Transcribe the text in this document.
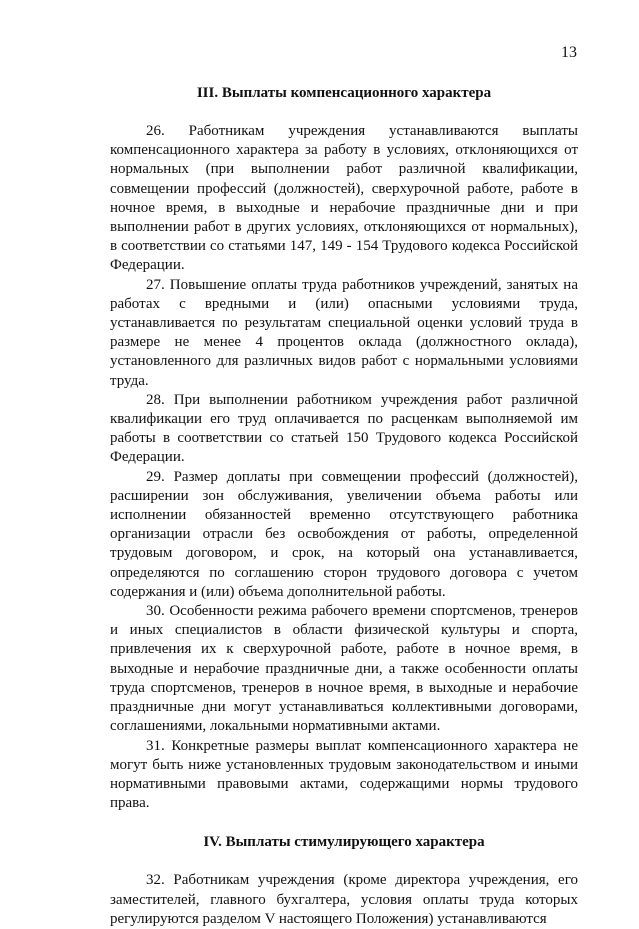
13
III. Выплаты компенсационного характера

26. Работникам учреждения устанавливаются выплаты компенсационного характера за работу в условиях, отклоняющихся от нормальных (при выполнении работ различной квалификации, совмещении профессий (должностей), сверхурочной работе, работе в ночное время, в выходные и нерабочие праздничные дни и при выполнении работ в других условиях, отклоняющихся от нормальных), в соответствии со статьями 147, 149 - 154 Трудового кодекса Российской Федерации.

27. Повышение оплаты труда работников учреждений, занятых на работах с вредными и (или) опасными условиями труда, устанавливается по результатам специальной оценки условий труда в размере не менее 4 процентов оклада (должностного оклада), установленного для различных видов работ с нормальными условиями труда.

28. При выполнении работником учреждения работ различной квалификации его труд оплачивается по расценкам выполняемой им работы в соответствии со статьей 150 Трудового кодекса Российской Федерации.

29. Размер доплаты при совмещении профессий (должностей), расширении зон обслуживания, увеличении объема работы или исполнении обязанностей временно отсутствующего работника организации отрасли без освобождения от работы, определенной трудовым договором, и срок, на который она устанавливается, определяются по соглашению сторон трудового договора с учетом содержания и (или) объема дополнительной работы.

30. Особенности режима рабочего времени спортсменов, тренеров и иных специалистов в области физической культуры и спорта, привлечения их к сверхурочной работе, работе в ночное время, в выходные и нерабочие праздничные дни, а также особенности оплаты труда спортсменов, тренеров в ночное время, в выходные и нерабочие праздничные дни могут устанавливаться коллективными договорами, соглашениями, локальными нормативными актами.

31. Конкретные размеры выплат компенсационного характера не могут быть ниже установленных трудовым законодательством и иными нормативными правовыми актами, содержащими нормы трудового права.

IV. Выплаты стимулирующего характера

32. Работникам учреждения (кроме директора учреждения, его заместителей, главного бухгалтера, условия оплаты труда которых регулируются разделом V настоящего Положения) устанавливаются
